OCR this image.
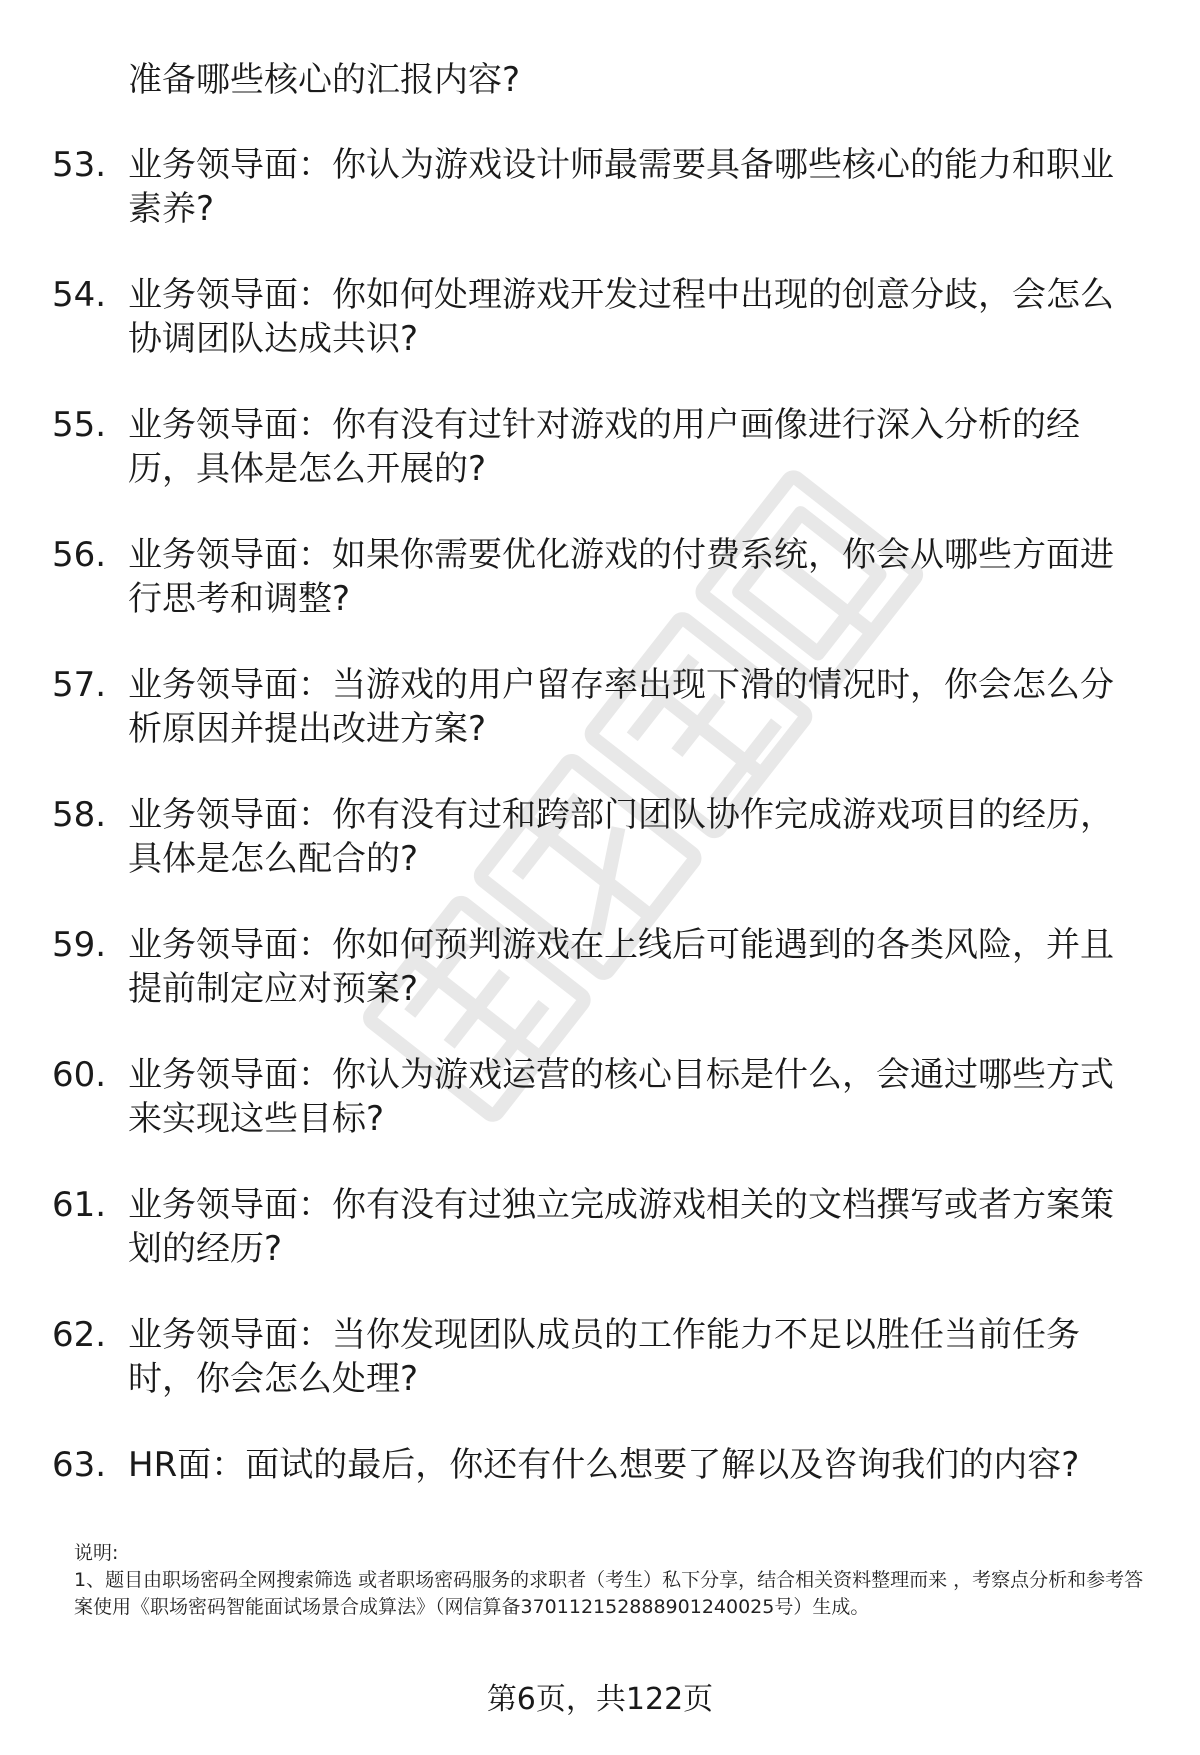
准备哪些核心的汇报内容?
53. 业务领导面：你认为游戏设计师最需要具备哪些核心的能力和职业素养?
54. 业务领导面：你如何处理游戏开发过程中出现的创意分歧，会怎么协调团队达成共识?
55. 业务领导面：你有没有过针对游戏的用户画像进行深入分析的经历，具体是怎么开展的?
56. 业务领导面：如果你需要优化游戏的付费系统，你会从哪些方面进行思考和调整?
57. 业务领导面：当游戏的用户留存率出现下滑的情况时，你会怎么分析原因并提出改进方案?
58. 业务领导面：你有没有过和跨部门团队协作完成游戏项目的经历，具体是怎么配合的?
59. 业务领导面：你如何预判游戏在上线后可能遇到的各类风险，并且提前制定应对预案?
60. 业务领导面：你认为游戏运营的核心目标是什么，会通过哪些方式来实现这些目标?
61. 业务领导面：你有没有过独立完成游戏相关的文档撰写或者方案策划的经历?
62. 业务领导面：当你发现团队成员的工作能力不足以胜任当前任务时，你会怎么处理?
63. HR面：面试的最后，你还有什么想要了解以及咨询我们的内容?
说明:
1、题目由职场密码全网搜索筛选 或者职场密码服务的求职者（考生）私下分享，结合相关资料整理而来 ，考察点分析和参考答案使用《职场密码智能面试场景合成算法》（网信算备370112152888901240025号）生成。
第6页，共122页
